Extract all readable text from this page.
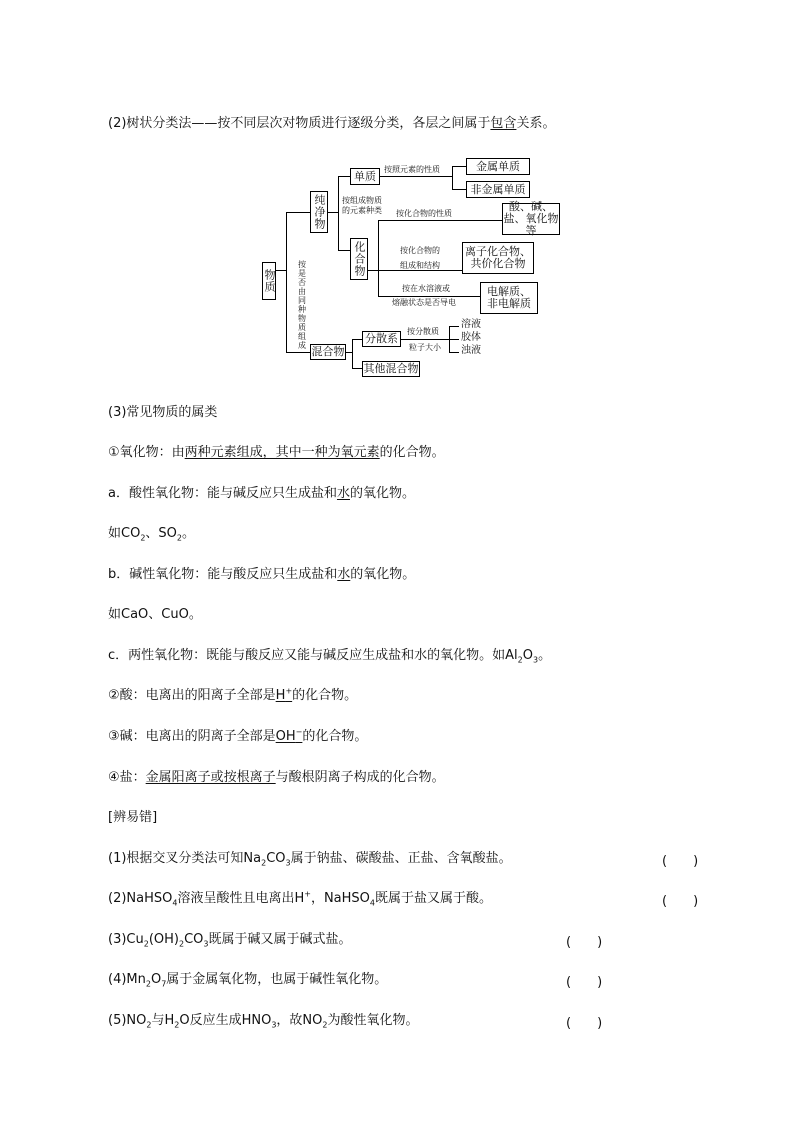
(2)树状分类法——按不同层次对物质进行逐级分类，各层之间属于包含关系。
物质
按是否由同种物质组成
纯净物
混合物
按组成物质的元素种类
单质
化合物
按照元素的性质	金属单质
非金属单质
按化合物的性质
酸、碱、盐、氧化物等
按化合物的
组成和结构
离子化合物、
共价化合物
按在水溶液或
熔融状态是否导电
电解质、
非电解质
分散系
其他混合物
按分散质
粒子大小
溶液
胶体
浊液
(3)常见物质的属类
①氧化物：由两种元素组成，其中一种为氧元素的化合物。
a．酸性氧化物：能与碱反应只生成盐和水的氧化物。
如$CO_2$、$SO_2$。
b．碱性氧化物：能与酸反应只生成盐和水的氧化物。
如CaO、CuO。
c．两性氧化物：既能与酸反应又能与碱反应生成盐和水的氧化物。如$Al_2O_3$。
②酸：电离出的阳离子全部是H+的化合物。
③碱：电离出的阴离子全部是OH−的化合物。
④盐：金属阳离子或按根离子与酸根阴离子构成的化合物。
[辨易错]
(1)根据交叉分类法可知$Na_2CO_3$属于钠盐、碳酸盐、正盐、含氧酸盐。	(　　)
(2)NaHSO$_4$溶液呈酸性且电离出H+，NaHSO$_4$既属于盐又属于酸。	(　　)
$(3)Cu_2(OH)_2CO_3$既属于碱又属于碱式盐。	(　　)
$(4)Mn_2O_7$属于金属氧化物，也属于碱性氧化物。	(　　)
$(5)NO_2$与$H_2O$反应生成$HNO_3$，故$NO_2$为酸性氧化物。	(　　)
